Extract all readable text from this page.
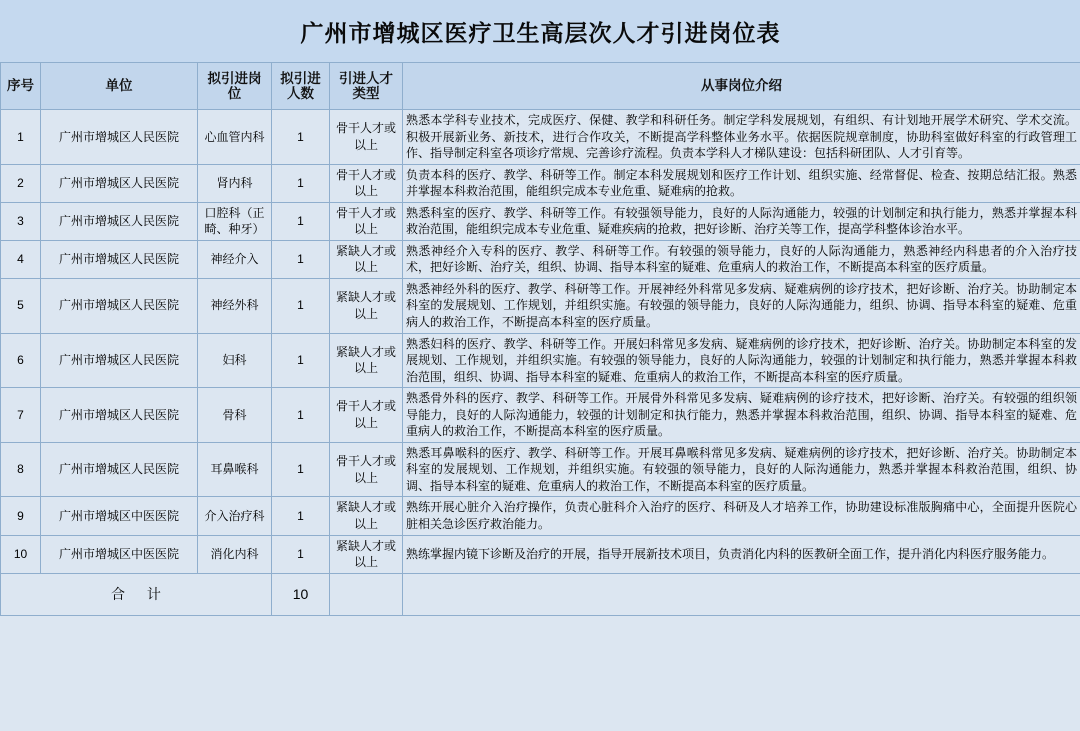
广州市增城区医疗卫生高层次人才引进岗位表					
序号	单位	拟引进岗位	拟引进人数	引进人才类型	从事岗位介绍
1	广州市增城区人民医院	心血管内科	1	骨干人才或以上	熟悉本学科专业技术，完成医疗、保健、教学和科研任务。制定学科发展规划，有组织、有计划地开展学术研究、学术交流。积极开展新业务、新技术，进行合作攻关，不断提高学科整体业务水平。依据医院规章制度，协助科室做好科室的行政管理工作、指导制定科室各项诊疗常规、完善诊疗流程。负责本学科人才梯队建设：包括科研团队、人才引育等。
2	广州市增城区人民医院	肾内科	1	骨干人才或以上	负责本科的医疗、教学、科研等工作。制定本科发展规划和医疗工作计划、组织实施、经常督促、检查、按期总结汇报。熟悉并掌握本科救治范围，能组织完成本专业危重、疑难病的抢救。
3	广州市增城区人民医院	口腔科（正畸、种牙）	1	骨干人才或以上	熟悉科室的医疗、教学、科研等工作。有较强领导能力，良好的人际沟通能力，较强的计划制定和执行能力，熟悉并掌握本科救治范围，能组织完成本专业危重、疑难疾病的抢救，把好诊断、治疗关等工作，提高学科整体诊治水平。
4	广州市增城区人民医院	神经介入	1	紧缺人才或以上	熟悉神经介入专科的医疗、教学、科研等工作。有较强的领导能力，良好的人际沟通能力，熟悉神经内科患者的介入治疗技术，把好诊断、治疗关，组织、协调、指导本科室的疑难、危重病人的救治工作，不断提高本科室的医疗质量。
5	广州市增城区人民医院	神经外科	1	紧缺人才或以上	熟悉神经外科的医疗、教学、科研等工作。开展神经外科常见多发病、疑难病例的诊疗技术，把好诊断、治疗关。协助制定本科室的发展规划、工作规划，并组织实施。有较强的领导能力，良好的人际沟通能力，组织、协调、指导本科室的疑难、危重病人的救治工作，不断提高本科室的医疗质量。
6	广州市增城区人民医院	妇科	1	紧缺人才或以上	熟悉妇科的医疗、教学、科研等工作。开展妇科常见多发病、疑难病例的诊疗技术，把好诊断、治疗关。协助制定本科室的发展规划、工作规划，并组织实施。有较强的领导能力，良好的人际沟通能力，较强的计划制定和执行能力，熟悉并掌握本科救治范围，组织、协调、指导本科室的疑难、危重病人的救治工作，不断提高本科室的医疗质量。
7	广州市增城区人民医院	骨科	1	骨干人才或以上	熟悉骨外科的医疗、教学、科研等工作。开展骨外科常见多发病、疑难病例的诊疗技术，把好诊断、治疗关。有较强的组织领导能力，良好的人际沟通能力，较强的计划制定和执行能力，熟悉并掌握本科救治范围，组织、协调、指导本科室的疑难、危重病人的救治工作，不断提高本科室的医疗质量。
8	广州市增城区人民医院	耳鼻喉科	1	骨干人才或以上	熟悉耳鼻喉科的医疗、教学、科研等工作。开展耳鼻喉科常见多发病、疑难病例的诊疗技术，把好诊断、治疗关。协助制定本科室的发展规划、工作规划，并组织实施。有较强的领导能力，良好的人际沟通能力，熟悉并掌握本科救治范围，组织、协调、指导本科室的疑难、危重病人的救治工作，不断提高本科室的医疗质量。
9	广州市增城区中医医院	介入治疗科	1	紧缺人才或以上	熟练开展心脏介入治疗操作，负责心脏科介入治疗的医疗、科研及人才培养工作，协助建设标准版胸痛中心，全面提升医院心脏相关急诊医疗救治能力。
10	广州市增城区中医医院	消化内科	1	紧缺人才或以上	熟练掌握内镜下诊断及治疗的开展，指导开展新技术项目，负责消化内科的医教研全面工作，提升消化内科医疗服务能力。
合 计			10		
